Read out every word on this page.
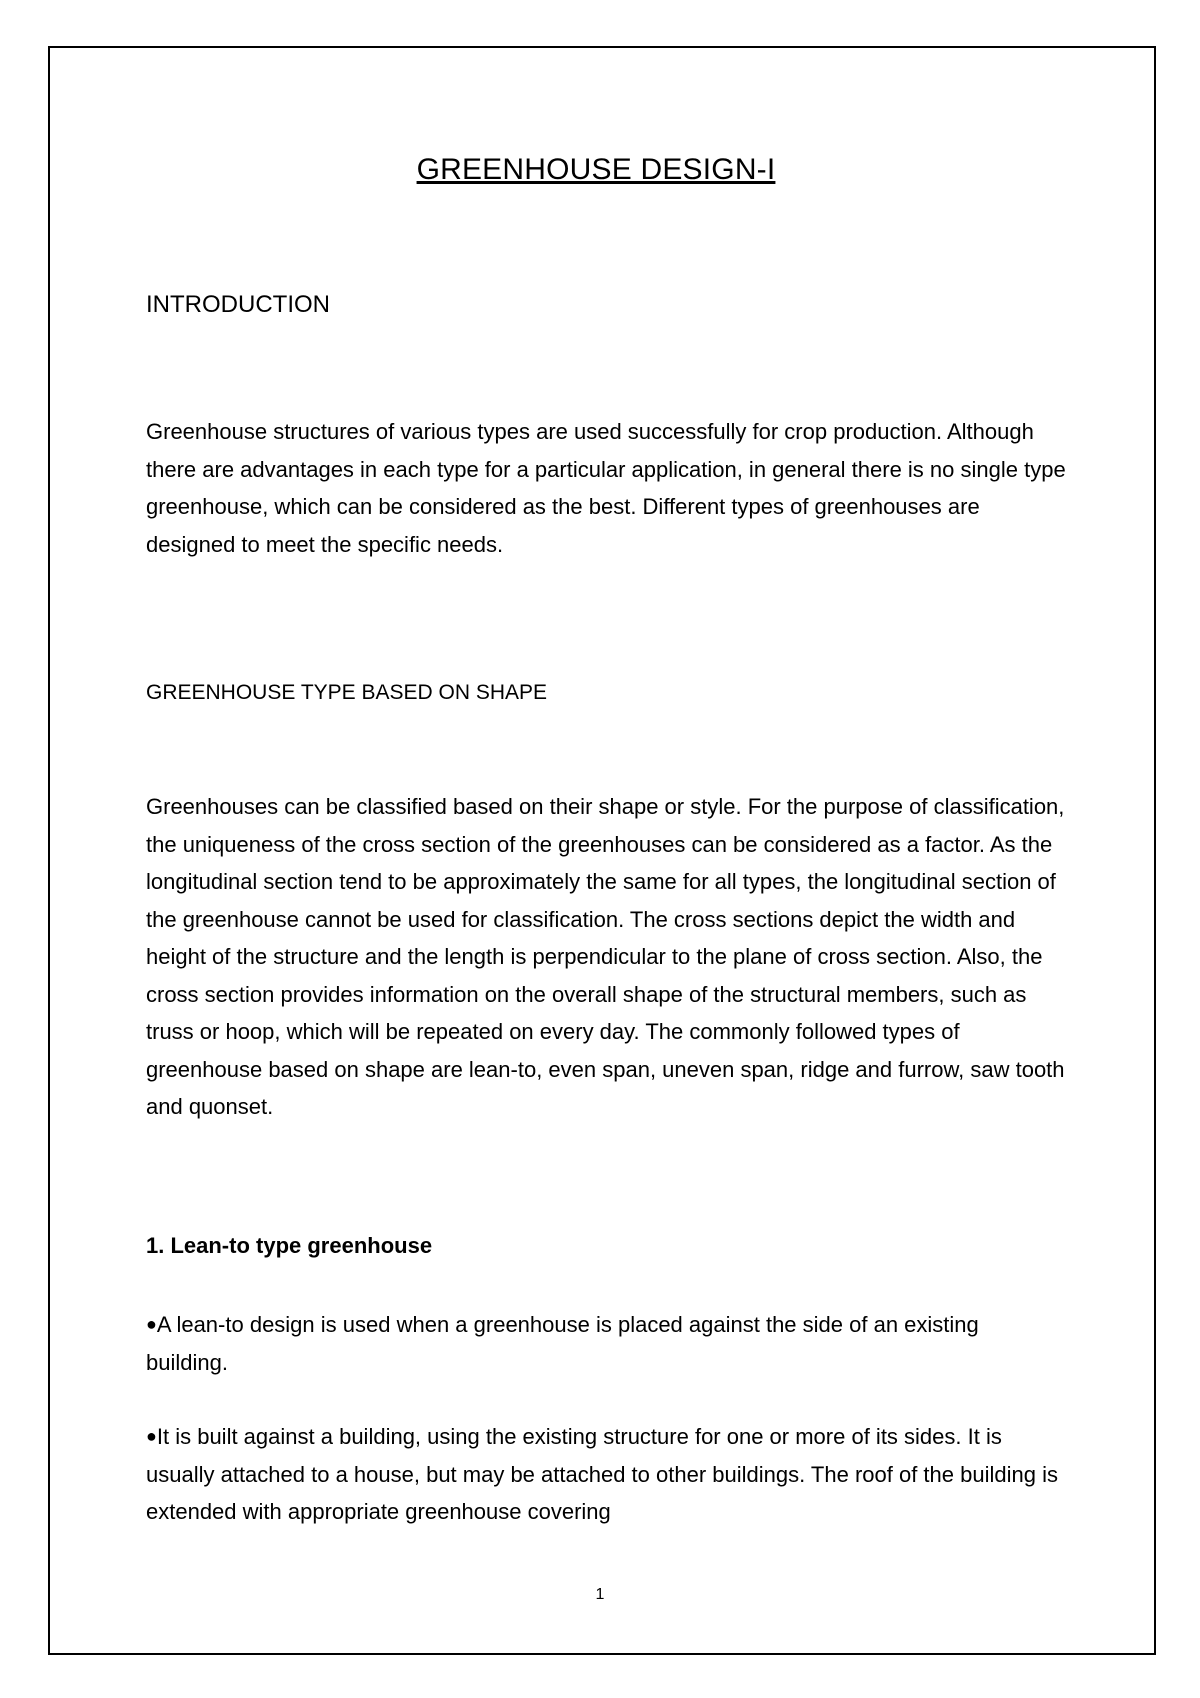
GREENHOUSE DESIGN-I
INTRODUCTION

Greenhouse structures of various types are used successfully for crop production. Although there are advantages in each type for a particular application, in general there is no single type greenhouse, which can be considered as the best. Different types of greenhouses are designed to meet the specific needs.

GREENHOUSE TYPE BASED ON SHAPE

Greenhouses can be classified based on their shape or style. For the purpose of classification, the uniqueness of the cross section of the greenhouses can be considered as a factor. As the longitudinal section tend to be approximately the same for all types, the longitudinal section of the greenhouse cannot be used for classification. The cross sections depict the width and height of the structure and the length is perpendicular to the plane of cross section. Also, the cross section provides information on the overall shape of the structural members, such as truss or hoop, which will be repeated on every day. The commonly followed types of greenhouse based on shape are lean-to, even span, uneven span, ridge and furrow, saw tooth and quonset.

1. Lean-to type greenhouse

●A lean-to design is used when a greenhouse is placed against the side of an existing building.

●It is built against a building, using the existing structure for one or more of its sides. It is usually attached to a house, but may be attached to other buildings. The roof of the building is extended with appropriate greenhouse covering

1
